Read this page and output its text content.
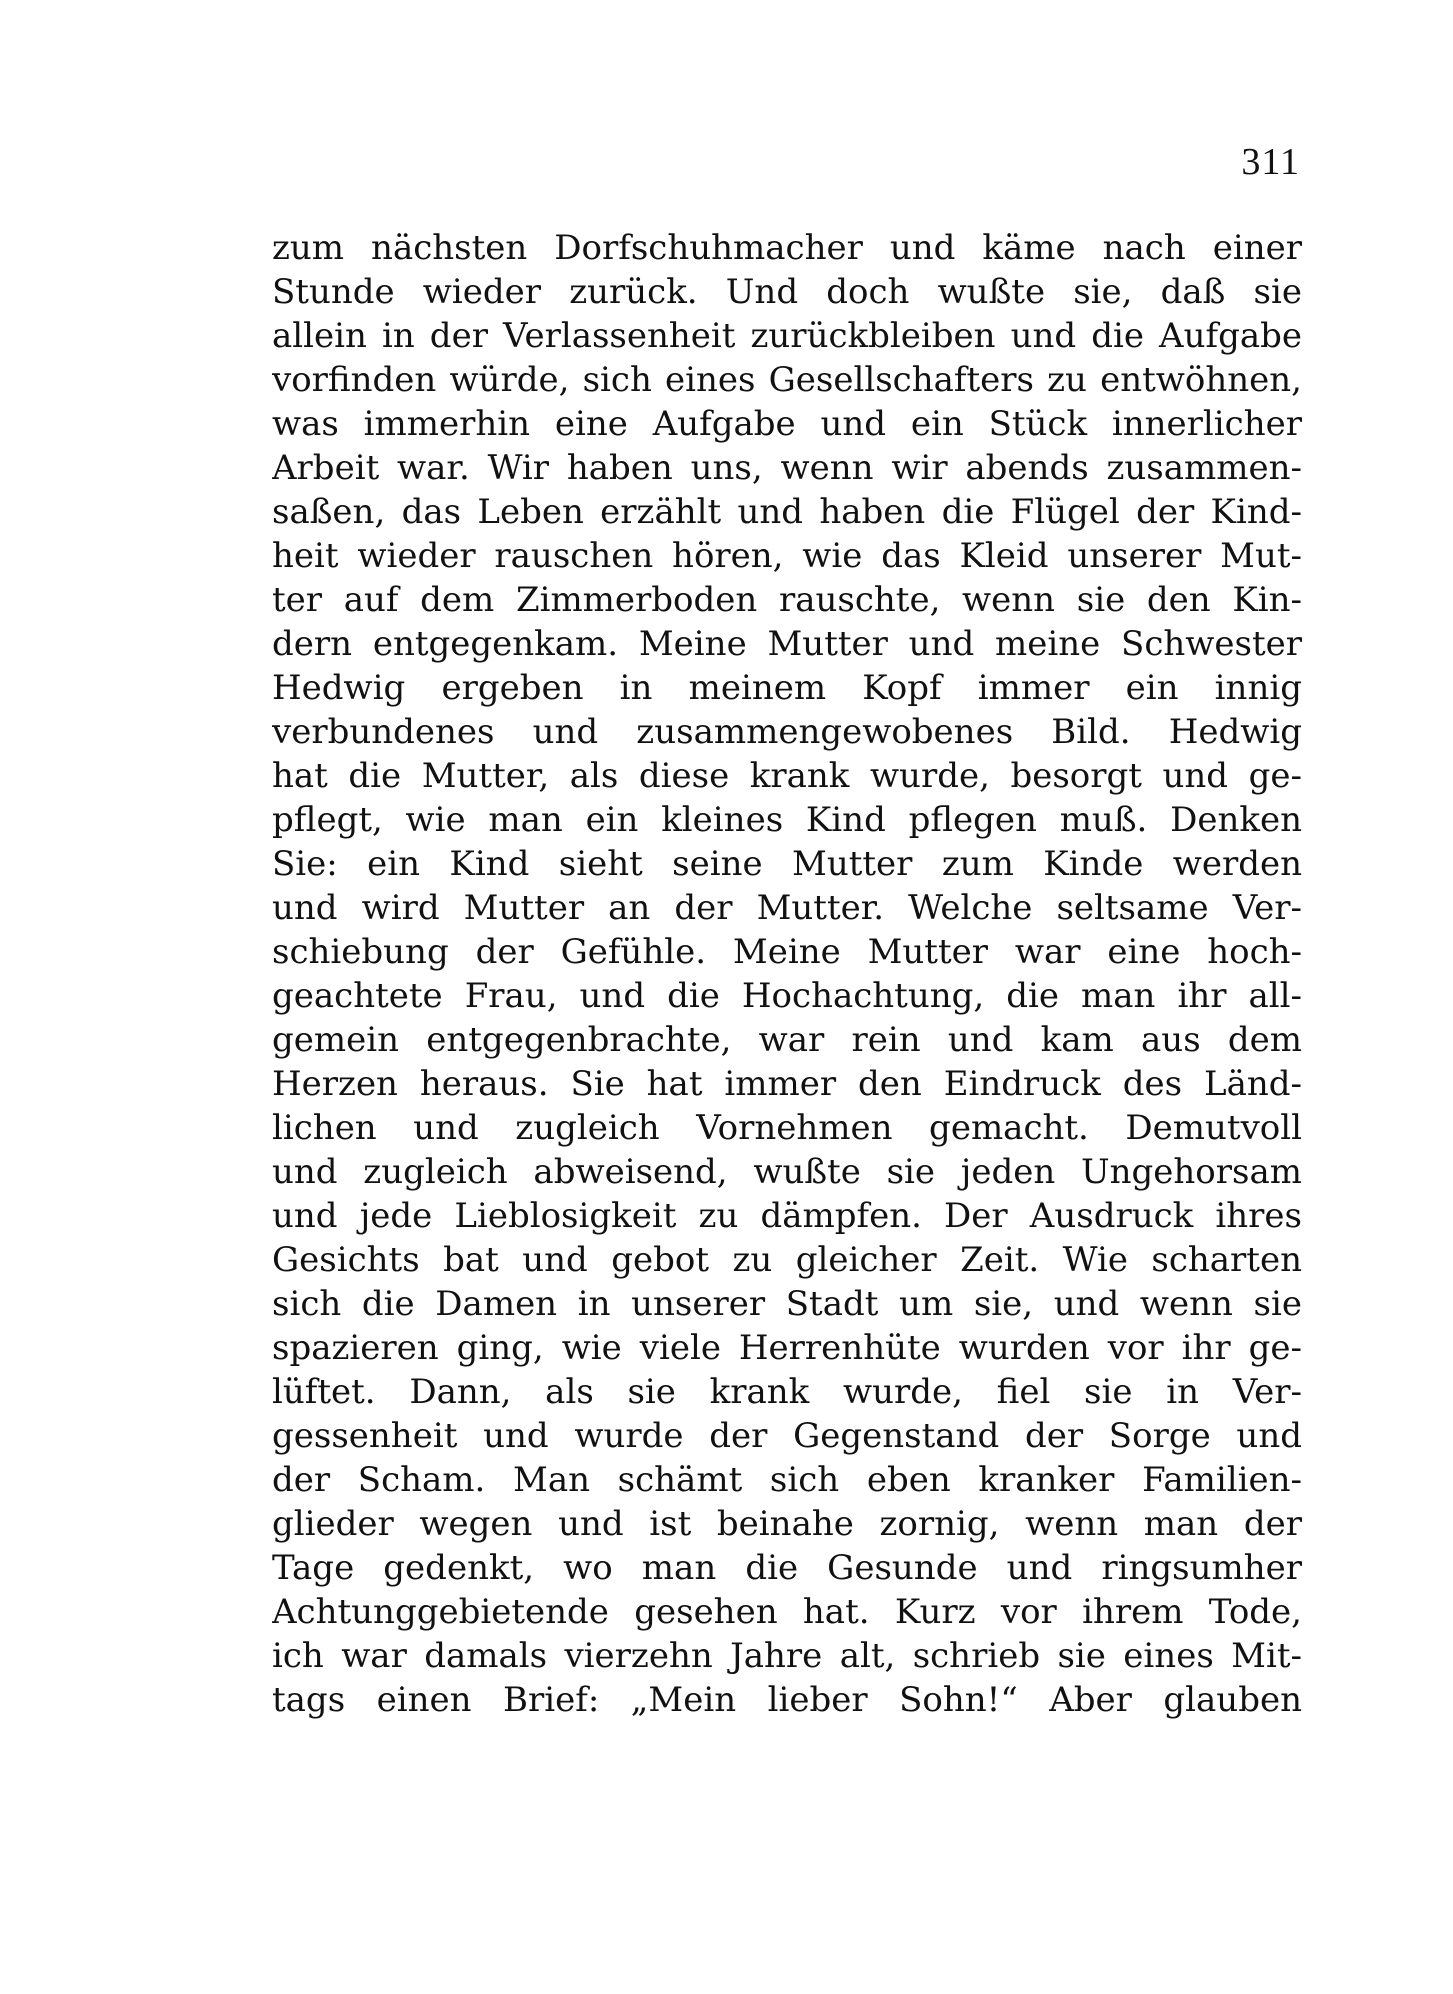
311
zum nächsten Dorfschuhmacher und käme nach einer
Stunde wieder zurück. Und doch wußte sie, daß sie
allein in der Verlassenheit zurückbleiben und die Aufgabe
vorfinden würde, sich eines Gesellschafters zu entwöhnen,
was immerhin eine Aufgabe und ein Stück innerlicher
Arbeit war. Wir haben uns, wenn wir abends zusammen-
saßen, das Leben erzählt und haben die Flügel der Kind-
heit wieder rauschen hören, wie das Kleid unserer Mut-
ter auf dem Zimmerboden rauschte, wenn sie den Kin-
dern entgegenkam. Meine Mutter und meine Schwester
Hedwig ergeben in meinem Kopf immer ein innig
verbundenes und zusammengewobenes Bild. Hedwig
hat die Mutter, als diese krank wurde, besorgt und ge-
pflegt, wie man ein kleines Kind pflegen muß. Denken
Sie: ein Kind sieht seine Mutter zum Kinde werden
und wird Mutter an der Mutter. Welche seltsame Ver-
schiebung der Gefühle. Meine Mutter war eine hoch-
geachtete Frau, und die Hochachtung, die man ihr all-
gemein entgegenbrachte, war rein und kam aus dem
Herzen heraus. Sie hat immer den Eindruck des Länd-
lichen und zugleich Vornehmen gemacht. Demutvoll
und zugleich abweisend, wußte sie jeden Ungehorsam
und jede Lieblosigkeit zu dämpfen. Der Ausdruck ihres
Gesichts bat und gebot zu gleicher Zeit. Wie scharten
sich die Damen in unserer Stadt um sie, und wenn sie
spazieren ging, wie viele Herrenhüte wurden vor ihr ge-
lüftet. Dann, als sie krank wurde, fiel sie in Ver-
gessenheit und wurde der Gegenstand der Sorge und
der Scham. Man schämt sich eben kranker Familien-
glieder wegen und ist beinahe zornig, wenn man der
Tage gedenkt, wo man die Gesunde und ringsumher
Achtunggebietende gesehen hat. Kurz vor ihrem Tode,
ich war damals vierzehn Jahre alt, schrieb sie eines Mit-
tags einen Brief: „Mein lieber Sohn!“ Aber glauben
